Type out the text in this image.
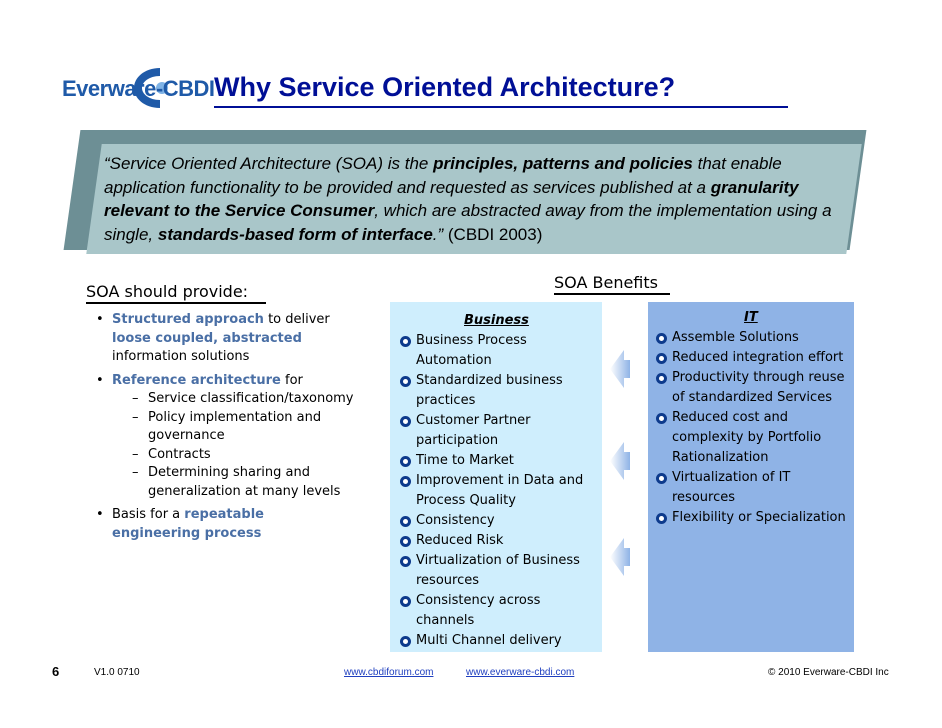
Everware-CBDI Why Service Oriented Architecture?
“Service Oriented Architecture (SOA) is the principles, patterns and policies that enable application functionality to be provided and requested as services published at a granularity relevant to the Service Consumer, which are abstracted away from the implementation using a single, standards-based form of interface.” (CBDI 2003)
SOA should provide:
• Structured approach to deliver loose coupled, abstracted information solutions
• Reference architecture for
– Service classification/taxonomy
– Policy implementation and governance
– Contracts
– Determining sharing and generalization at many levels
• Basis for a repeatable engineering process
SOA Benefits
Business	IT
Business Process Automation
Standardized business practices
Customer Partner participation
Time to Market
Improvement in Data and Process Quality
Consistency
Reduced Risk
Virtualization of Business resources
Consistency across channels
Multi Channel delivery
Assemble Solutions
Reduced integration effort
Productivity through reuse of standardized Services
Reduced cost and complexity by Portfolio Rationalization
Virtualization of IT resources
Flexibility or Specialization
6	V1.0 0710	www.cbdiforum.com	www.everware-cbdi.com	© 2010 Everware-CBDI Inc
